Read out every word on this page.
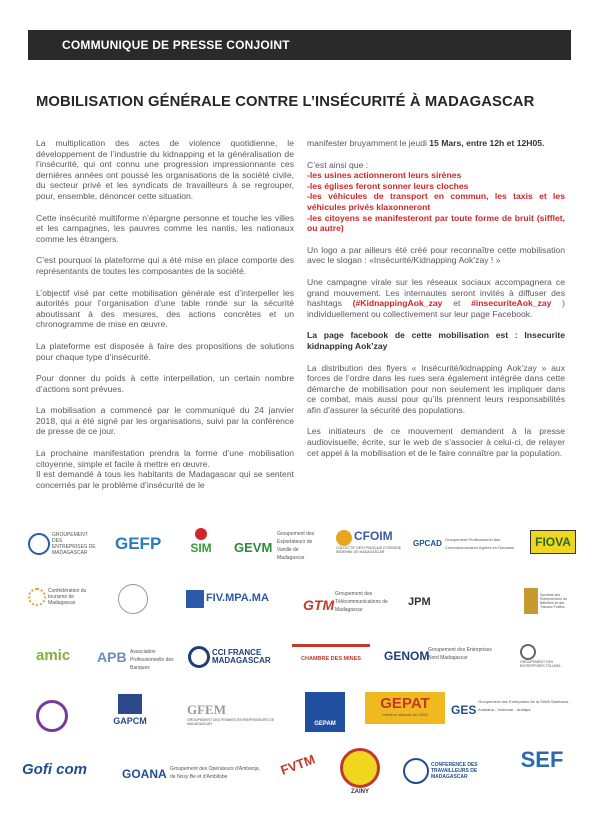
COMMUNIQUE DE PRESSE CONJOINT
MOBILISATION GÉNÉRALE CONTRE L’INSÉCURITÉ À MADAGASCAR

La multiplication des actes de violence quotidienne, le développement de l’industrie du kidnapping et la généralisation de l’insécurité, qui ont connu une progression impressionnante ces dernières années ont poussé les organisations de la société civile, du secteur privé et les syndicats de travailleurs à se regrouper, pour, ensemble, dénoncer cette situation.

Cette insécurité multiforme n’épargne personne et touche les villes et les campagnes, les pauvres comme les nantis, les nationaux comme les étrangers.

C’est pourquoi la plateforme qui a été mise en place comporte des représentants de toutes les composantes de la société.

L’objectif visé par cette mobilisation générale est d’interpeller les autorités pour l’organisation d’une table ronde sur la sécurité aboutissant à des mesures, des actions concrètes et un chronogramme de mise en œuvre.

La plateforme est disposée à faire des propositions de solutions pour chaque type d’insécurité.

Pour donner du poids à cette interpellation, un certain nombre d’actions sont prévues.

La mobilisation a commencé par le communiqué du 24 janvier 2018, qui a été signé par les organisations, suivi par la conférence de presse de ce jour.

La prochaine manifestation prendra la forme d’une mobilisation citoyenne, simple et facile à mettre en œuvre.

Il est demandé à tous les habitants de Madagascar qui se sentent concernés par le problème d’insécurité de le

manifester bruyamment le jeudi 15 Mars, entre 12h et 12H05.

C’est ainsi que :
-les usines actionneront leurs sirènes
-les églises feront sonner leurs cloches
-les véhicules de transport en commun, les taxis et les véhicules privés klaxonneront
-les citoyens se manifesteront par toute forme de bruit (sifflet, ou autre)

Un logo a par ailleurs été créé pour reconnaître cette mobilisation avec le slogan : «Insécurité/Kidnapping Aok’zay ! »

Une campagne virale sur les réseaux sociaux accompagnera ce grand mouvement. Les internautes seront invités à diffuser des hashtags (#KidnappingAok_zay et #insecuriteAok_zay ) individuellement ou collectivement sur leur page Facebook.

La page facebook de cette mobilisation est : Insecurite kidnapping Aok’zay

La distribution des flyers « Insécurité/kidnapping Aok’zay » aux forces de l’ordre dans les rues sera également intégrée dans cette démarche de mobilisation pour non seulement les impliquer dans ce combat, mais aussi pour qu’ils prennent leurs responsabilités afin d’assurer la sécurité des populations.

Les initiateurs de ce mouvement demandent à la presse audiovisuelle, écrite, sur le web de s’associer à celui-ci, de relayer cet appel à la mobilisation et de le faire connaître par la population.

GROUPEMENT DES ENTREPRISES DE MADAGASCAR	GEFP	SIM	GEVM
Groupement des Exportateurs de Vanille de Madagascar
CFOIM
COLLECTIF DES FRANÇAIS D'ORIGINE INDIENNE DE MADAGASCAR
GPCAD Groupement Professionnel des Commissionnaires Agréés en Douanes	FIOVA
Confédération du tourisme de Madagascar	FIV.MPA.MA	GTM
Groupement des Télécommunications de Madagascar
JPM
Syndicat des Entrepreneurs du Bâtiment et des Travaux Publics
amic APB Association Professionnelle des Banques

CCI FRANCE
MADAGASCAR	CHAMBRE DES MINES	GENOM
Groupement des Entreprises Nord Madagascar
GROUPEMENT DES ENTREPRISES TOLIARA
GAPCM
GFEM
GROUPEMENT DES FEMMES ENTREPRENEURS DE MADAGASCAR	GEPAM
GEPAT
membre associé au GEM	GES
Groupement des Entreprises de la SAVA Sambava - Antalaha - Vohemar - Andapa
Gofi com	GOANA Groupement des Opérateurs d'Ambanja, de Nosy Be et d'Ambilobe	FVTM
ZAINY
CONFERENCE DES TRAVAILLEURS DE MADAGASCAR
SEF
